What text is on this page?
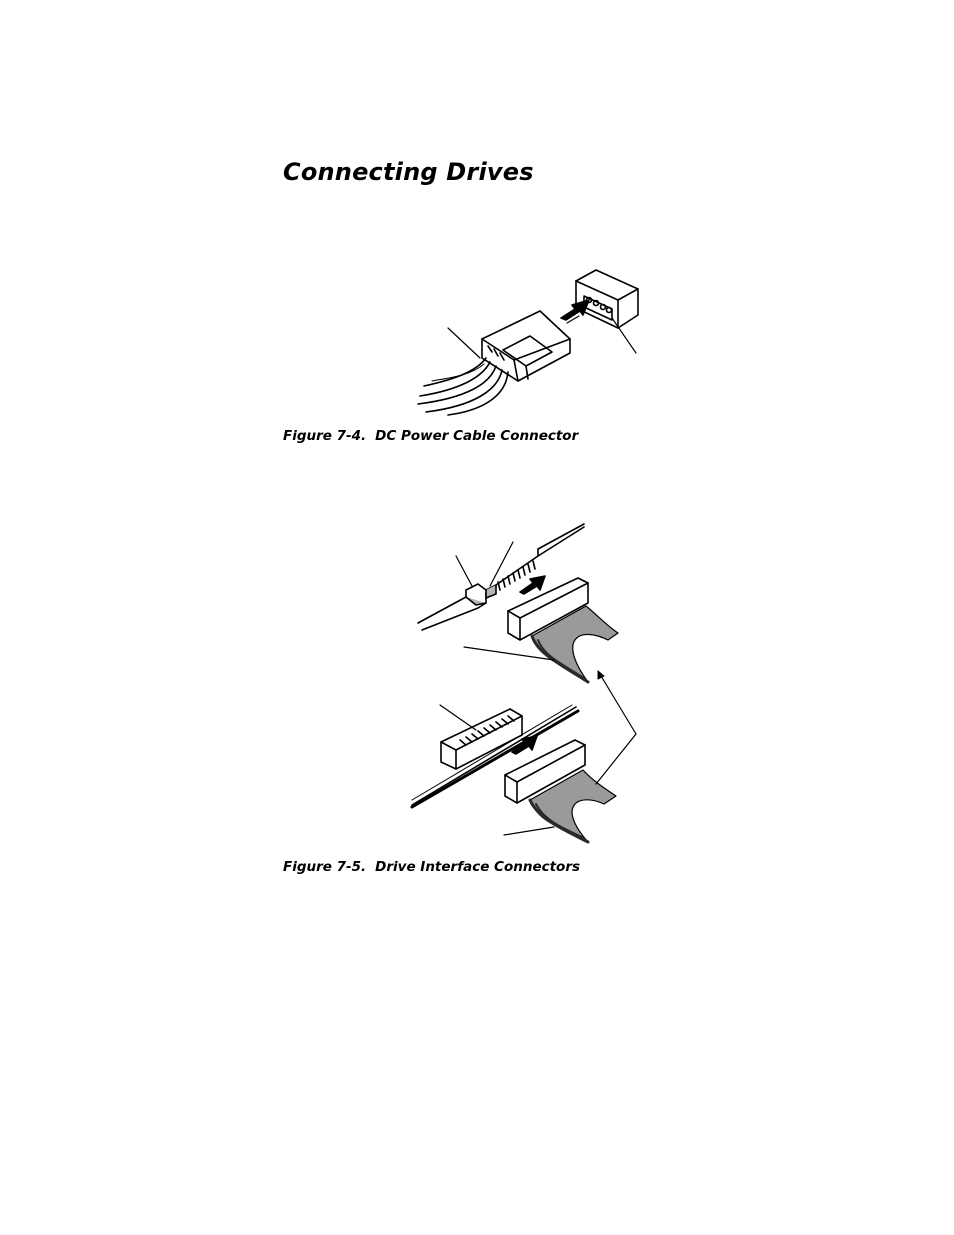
Connecting Drives

Figure 7-4. DC Power Cable Connector

Figure 7-5. Drive Interface Connectors
